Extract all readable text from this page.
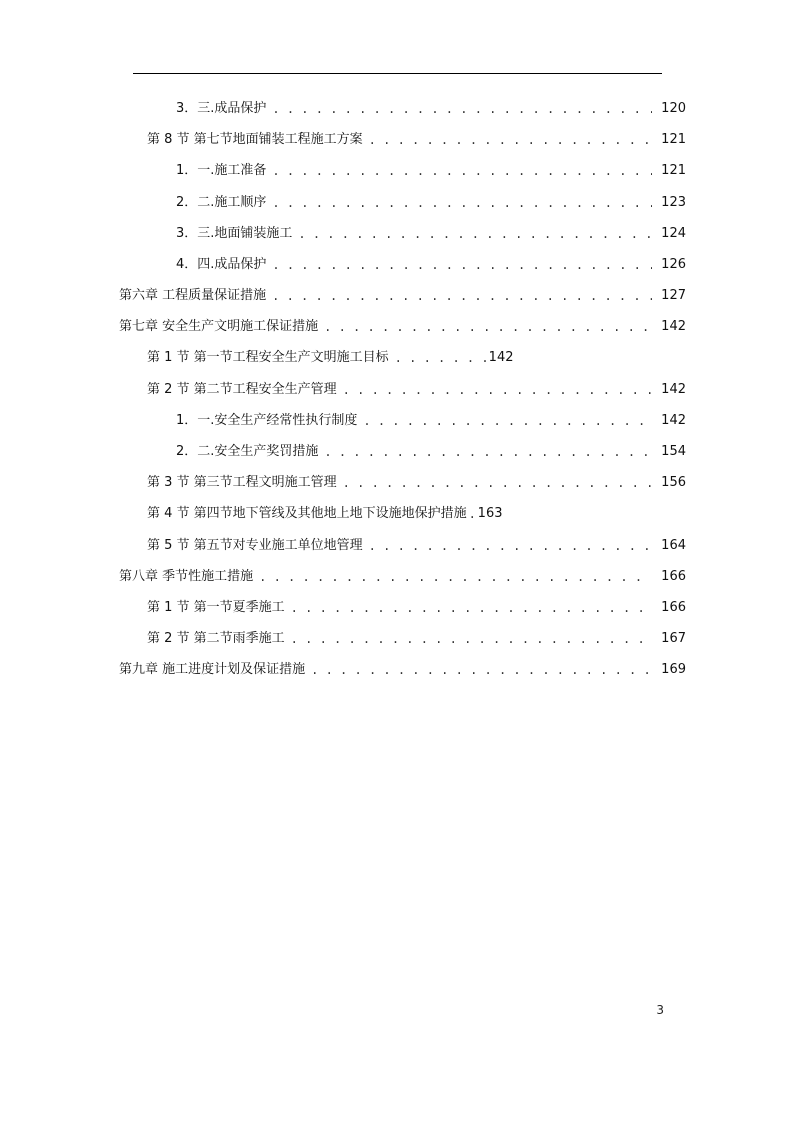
3．三.成品保护 . . .	120
第 8 节 第七节地面铺装工程施工方案 . . .	121
1．一.施工准备 . . .	121
2．二.施工顺序 . . .	123
3．三.地面铺装施工 . . .	124
4．四.成品保护 . . .	126
第六章 工程质量保证措施 . . .	127
第七章 安全生产文明施工保证措施 . . .	142
第 1 节 第一节工程安全生产文明施工目标 . . .	142
第 2 节 第二节工程安全生产管理 . . .	142
1．一.安全生产经常性执行制度 . . .	142
2．二.安全生产奖罚措施 . . .	154
第 3 节 第三节工程文明施工管理 . . .	156
第 4 节 第四节地下管线及其他地上地下设施地保护措施 . . . 163
第 5 节 第五节对专业施工单位地管理 . . .	164
第八章 季节性施工措施 . . .	166
第 1 节 第一节夏季施工 . . .	166
第 2 节 第二节雨季施工 . . .	167
第九章 施工进度计划及保证措施 . . .	169
3
